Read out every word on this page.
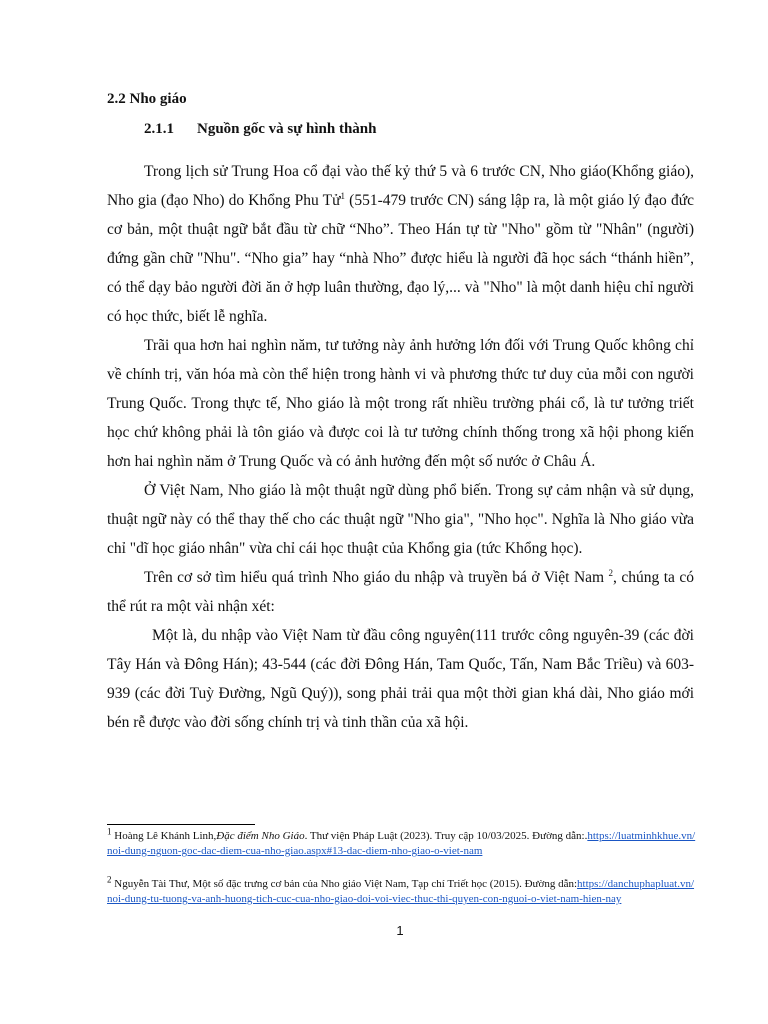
2.2 Nho giáo
2.1.1 Nguồn gốc và sự hình thành

Trong lịch sử Trung Hoa cổ đại vào thế kỷ thứ 5 và 6 trước CN, Nho giáo(Khổng giáo), Nho gia (đạo Nho) do Khổng Phu Tử$^1$ (551-479 trước CN) sáng lập ra, là một giáo lý đạo đức cơ bản, một thuật ngữ bắt đầu từ chữ “Nho”. Theo Hán tự từ "Nho" gồm từ "Nhân" (người) đứng gần chữ "Nhu". “Nho gia” hay “nhà Nho” được hiểu là người đã học sách “thánh hiền”, có thể dạy bảo người đời ăn ở hợp luân thường, đạo lý,... và "Nho" là một danh hiệu chỉ người có học thức, biết lễ nghĩa.

Trãi qua hơn hai nghìn năm, tư tưởng này ảnh hưởng lớn đối với Trung Quốc không chỉ về chính trị, văn hóa mà còn thể hiện trong hành vi và phương thức tư duy của mỗi con người Trung Quốc. Trong thực tế, Nho giáo là một trong rất nhiều trường phái cổ, là tư tưởng triết học chứ không phải là tôn giáo và được coi là tư tưởng chính thống trong xã hội phong kiến hơn hai nghìn năm ở Trung Quốc và có ảnh hưởng đến một số nước ở Châu Á.

Ở Việt Nam, Nho giáo là một thuật ngữ dùng phổ biến. Trong sự cảm nhận và sử dụng, thuật ngữ này có thể thay thế cho các thuật ngữ "Nho gia", "Nho học". Nghĩa là Nho giáo vừa chỉ "dĩ học giáo nhân" vừa chỉ cái học thuật của Khổng gia (tức Khổng học).

Trên cơ sở tìm hiểu quá trình Nho giáo du nhập và truyền bá ở Việt Nam $^2$, chúng ta có thể rút ra một vài nhận xét:

Một là, du nhập vào Việt Nam từ đầu công nguyên(111 trước công nguyên-39 (các đời Tây Hán và Đông Hán); 43-544 (các đời Đông Hán, Tam Quốc, Tấn, Nam Bắc Triều) và 603-939 (các đời Tuỳ Đường, Ngũ Quý)), song phải trải qua một thời gian khá dài, Nho giáo mới bén rễ được vào đời sống chính trị và tinh thần của xã hội.

$^1$ Hoàng Lê Khánh Linh,Đặc điểm Nho Giáo. Thư viện Pháp Luật (2023). Truy cập 10/03/2025. Đường dẫn:.https://luatminhkhue.vn/noi-dung-nguon-goc-dac-diem-cua-nho-giao.aspx#13-dac-diem-nho-giao-o-viet-nam
$^2$ Nguyễn Tài Thư, Một số đặc trưng cơ bản của Nho giáo Việt Nam, Tạp chí Triết học (2015). Đường dẫn:https://danchuphapluat.vn/noi-dung-tu-tuong-va-anh-huong-tich-cuc-cua-nho-giao-doi-voi-viec-thuc-thi-quyen-con-nguoi-o-viet-nam-hien-nay
1
